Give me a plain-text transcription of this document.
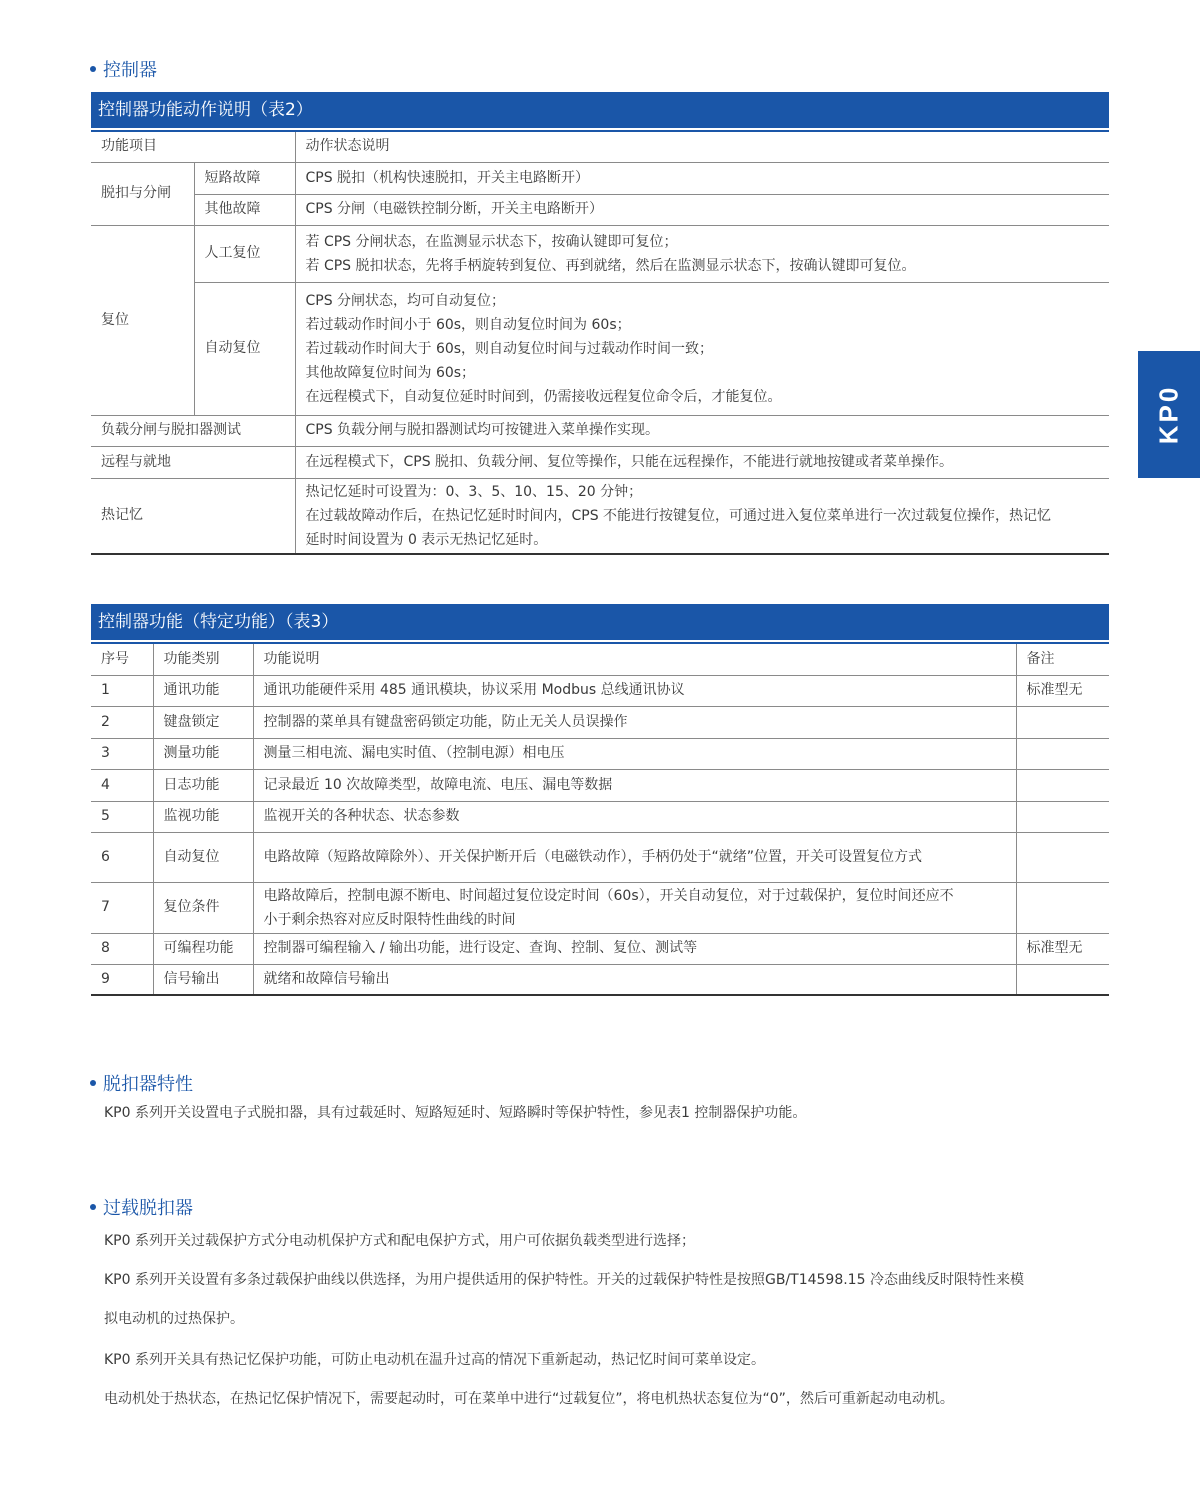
控制器
KP0
控制器功能动作说明（表2）
功能项目		动作状态说明
脱扣与分闸	短路故障	CPS 脱扣（机构快速脱扣，开关主电路断开）
	其他故障	CPS 分闸（电磁铁控制分断，开关主电路断开）
复位	人工复位	若 CPS 分闸状态，在监测显示状态下，按确认键即可复位；
若 CPS 脱扣状态，先将手柄旋转到复位、再到就绪，然后在监测显示状态下，按确认键即可复位。

	自动复位	CPS 分闸状态，均可自动复位；
若过载动作时间小于 60s，则自动复位时间为 60s；
若过载动作时间大于 60s，则自动复位时间与过载动作时间一致；
其他故障复位时间为 60s；
在远程模式下，自动复位延时时间到，仍需接收远程复位命令后，才能复位。

负载分闸与脱扣器测试		CPS 负载分闸与脱扣器测试均可按键进入菜单操作实现。
远程与就地		在远程模式下，CPS 脱扣、负载分闸、复位等操作，只能在远程操作，不能进行就地按键或者菜单操作。
热记忆		热记忆延时可设置为：0、3、5、10、15、20 分钟；
在过载故障动作后，在热记忆延时时间内，CPS 不能进行按键复位，可通过进入复位菜单进行一次过载复位操作，热记忆
延时时间设置为 0 表示无热记忆延时。
控制器功能（特定功能）（表3）
序号	功能类别	功能说明	备注
1	通讯功能	通讯功能硬件采用 485 通讯模块，协议采用 Modbus 总线通讯协议	标准型无
2	键盘锁定	控制器的菜单具有键盘密码锁定功能，防止无关人员误操作	

3	测量功能	测量三相电流、漏电实时值、（控制电源）相电压	

4	日志功能	记录最近 10 次故障类型，故障电流、电压、漏电等数据	

5	监视功能	监视开关的各种状态、状态参数	

6	自动复位	电路故障（短路故障除外）、开关保护断开后（电磁铁动作），手柄仍处于“就绪”位置，开关可设置复位方式	

7	复位条件	电路故障后，控制电源不断电、时间超过复位设定时间（60s），开关自动复位，对于过载保护，复位时间还应不
小于剩余热容对应反时限特性曲线的时间	

8	可编程功能	控制器可编程输入 / 输出功能，进行设定、查询、控制、复位、测试等	标准型无
9	信号输出	就绪和故障信号输出	

脱扣器特性
KP0 系列开关设置电子式脱扣器，具有过载延时、短路短延时、短路瞬时等保护特性，参见表1 控制器保护功能。
过载脱扣器
KP0 系列开关过载保护方式分电动机保护方式和配电保护方式，用户可依据负载类型进行选择；
KP0 系列开关设置有多条过载保护曲线以供选择，为用户提供适用的保护特性。开关的过载保护特性是按照GB/T14598.15 冷态曲线反时限特性来模
拟电动机的过热保护。
KP0 系列开关具有热记忆保护功能，可防止电动机在温升过高的情况下重新起动，热记忆时间可菜单设定。
电动机处于热状态，在热记忆保护情况下，需要起动时，可在菜单中进行“过载复位”，将电机热状态复位为“0”，然后可重新起动电动机。
